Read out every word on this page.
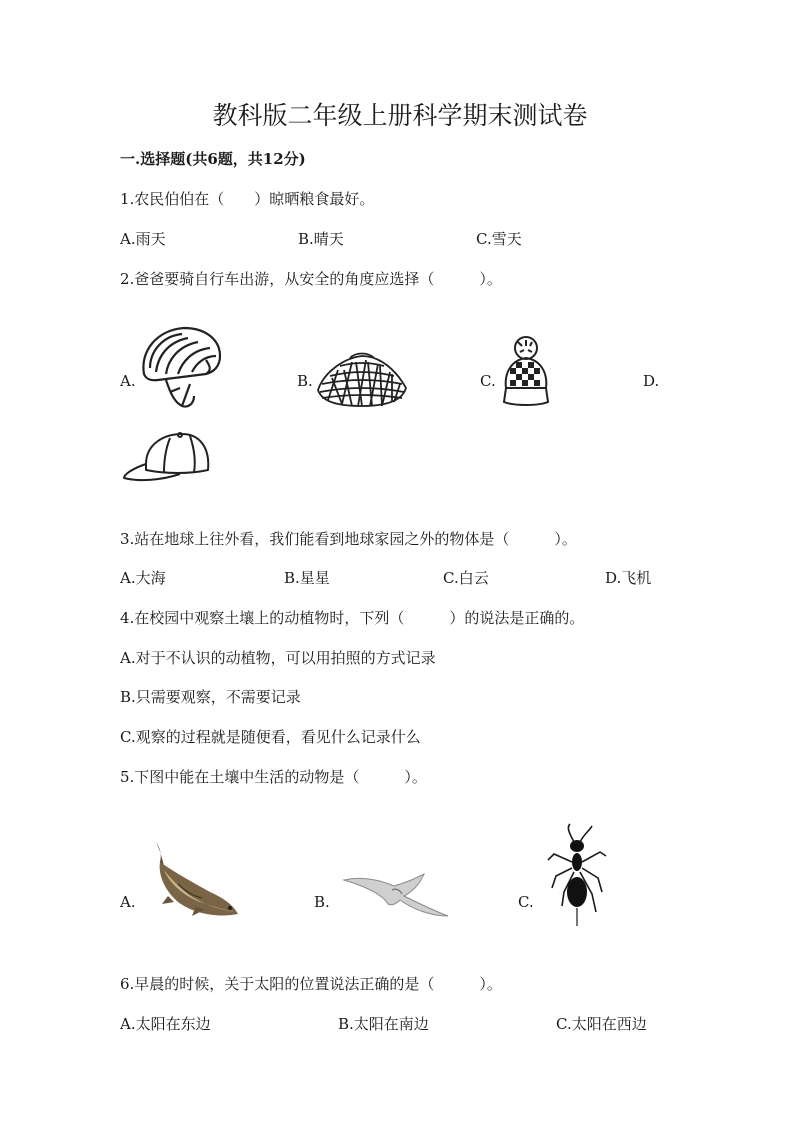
教科版二年级上册科学期末测试卷
一.选择题(共6题，共12分)
1.农民伯伯在（　　）晾晒粮食最好。
A.雨天	B.晴天	C.雪天
2.爸爸要骑自行车出游，从安全的角度应选择（　　　）。
A.	B.	C.	D.
3.站在地球上往外看，我们能看到地球家园之外的物体是（　　　）。
A.大海	B.星星	C.白云	D.飞机
4.在校园中观察土壤上的动植物时，下列（　　　）的说法是正确的。
A.对于不认识的动植物，可以用拍照的方式记录
B.只需要观察，不需要记录
C.观察的过程就是随便看，看见什么记录什么
5.下图中能在土壤中生活的动物是（　　　）。
A.	B.	C.
6.早晨的时候，关于太阳的位置说法正确的是（　　　）。
A.太阳在东边	B.太阳在南边	C.太阳在西边
